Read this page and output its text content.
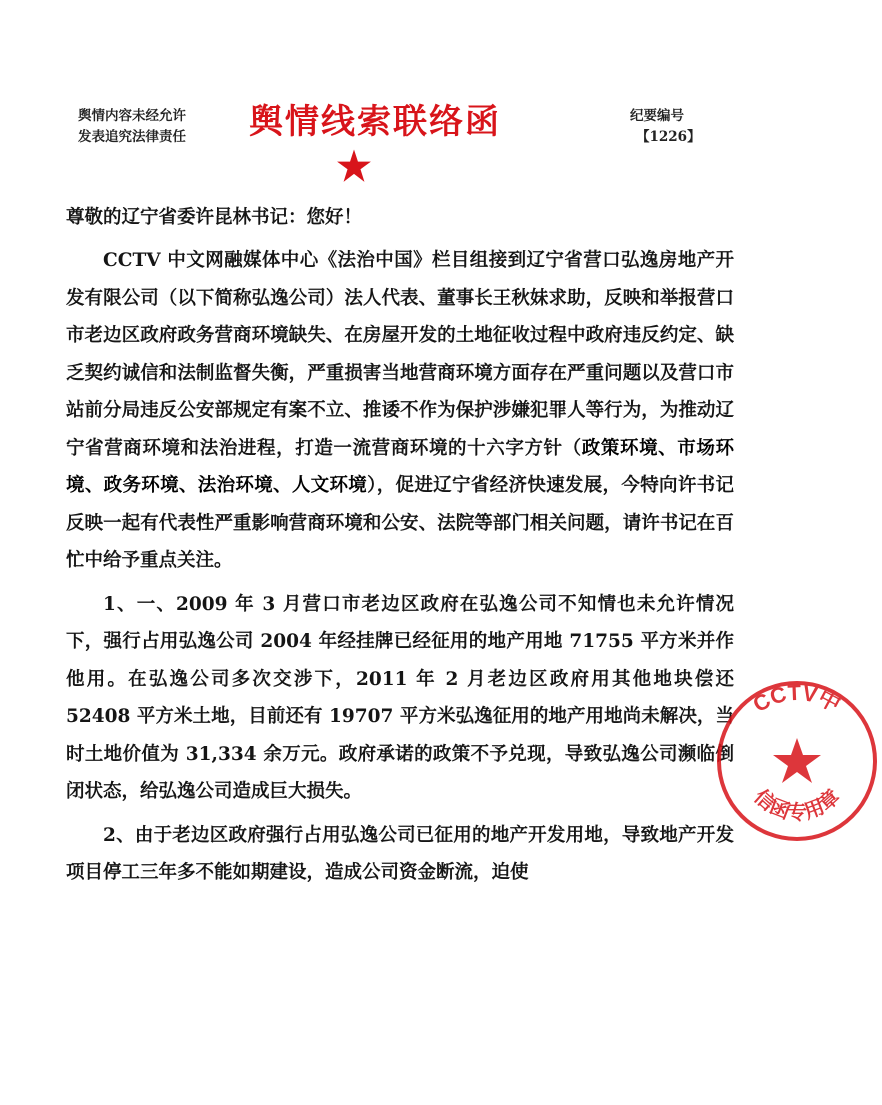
舆情内容未经允许
发表追究法律责任	舆情线索联络函	纪要编号
【1226】
尊敬的辽宁省委许昆林书记：您好！
CCTV 中文网融媒体中心《法治中国》栏目组接到辽宁省营口弘逸房地产开发有限公司（以下简称弘逸公司）法人代表、董事长王秋妹求助，反映和举报营口市老边区政府政务营商环境缺失、在房屋开发的土地征收过程中政府违反约定、缺乏契约诚信和法制监督失衡，严重损害当地营商环境方面存在严重问题以及营口市站前分局违反公安部规定有案不立、推诿不作为保护涉嫌犯罪人等行为，为推动辽宁省营商环境和法治进程，打造一流营商环境的十六字方针（政策环境、市场环境、政务环境、法治环境、人文环境），促进辽宁省经济快速发展，今特向许书记反映一起有代表性严重影响营商环境和公安、法院等部门相关问题，请许书记在百忙中给予重点关注。
1、一、2009 年 3 月营口市老边区政府在弘逸公司不知情也未允许情况下，强行占用弘逸公司 2004 年经挂牌已经征用的地产用地 71755 平方米并作他用。在弘逸公司多次交涉下，2011 年 2 月老边区政府用其他地块偿还 52408 平方米土地，目前还有 19707 平方米弘逸征用的地产用地尚未解决，当时土地价值为 31,334 余万元。政府承诺的政策不予兑现，导致弘逸公司濒临倒闭状态，给弘逸公司造成巨大损失。
2、由于老边区政府强行占用弘逸公司已征用的地产开发用地，导致地产开发项目停工三年多不能如期建设，造成公司资金断流，迫使
CCTV中
信函专用章
